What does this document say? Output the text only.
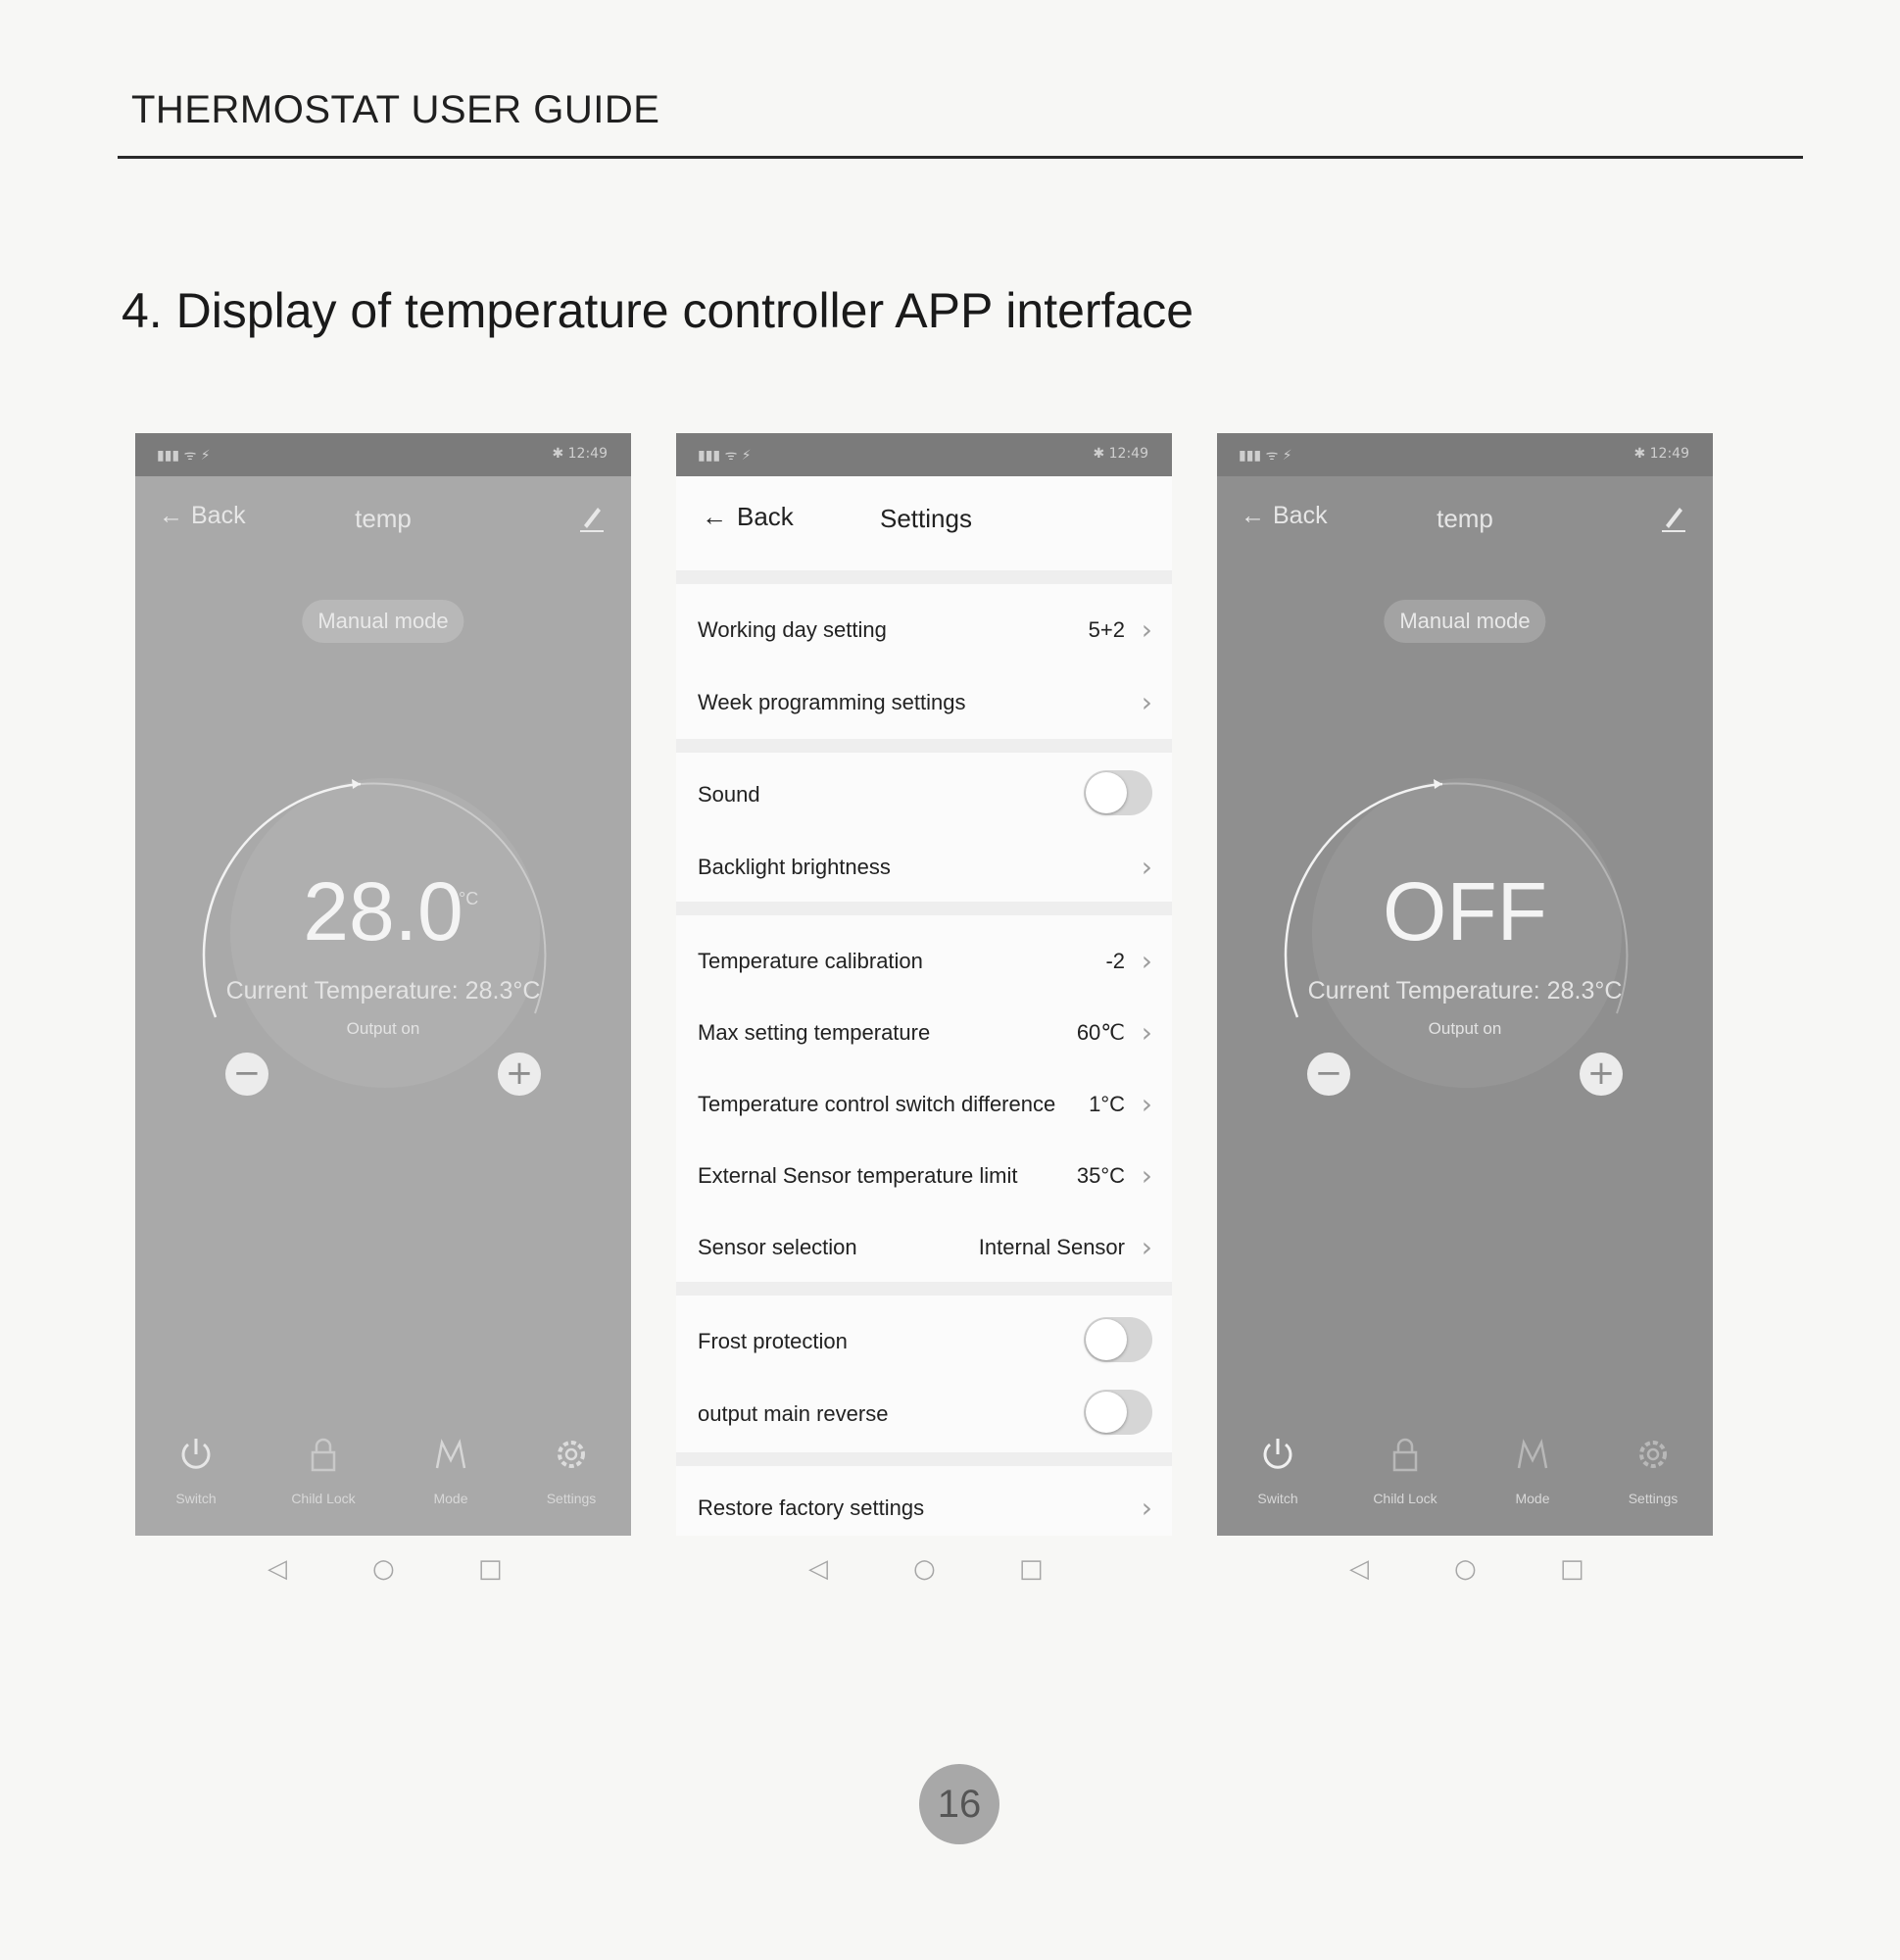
THERMOSTAT USER GUIDE
4. Display of temperature controller APP interface
▮▮▮ ᯤ ⚡	✱ 12:49
← Back	temp
Manual mode
28.0
°C
Current Temperature: 28.3°C
Output on
−	+
Switch	Child Lock	Mode	Settings
◁	○	□
▮▮▮ ᯤ ⚡	✱ 12:49
← Back	Settings
Working day setting	5+2 ›
Week programming settings	›
Sound
Backlight brightness	›
Temperature calibration	-2 ›
Max setting temperature	60℃ ›
Temperature control switch difference 1°C ›
External Sensor temperature limit	35°C ›
Sensor selection	Internal Sensor ›
Frost protection
output main reverse
Restore factory settings	›
◁	○	□
▮▮▮ ᯤ ⚡	✱ 12:49
← Back	temp
Manual mode
OFF
Current Temperature: 28.3°C
Output on
−	+
Switch	Child Lock	Mode	Settings
◁	○	□
16
